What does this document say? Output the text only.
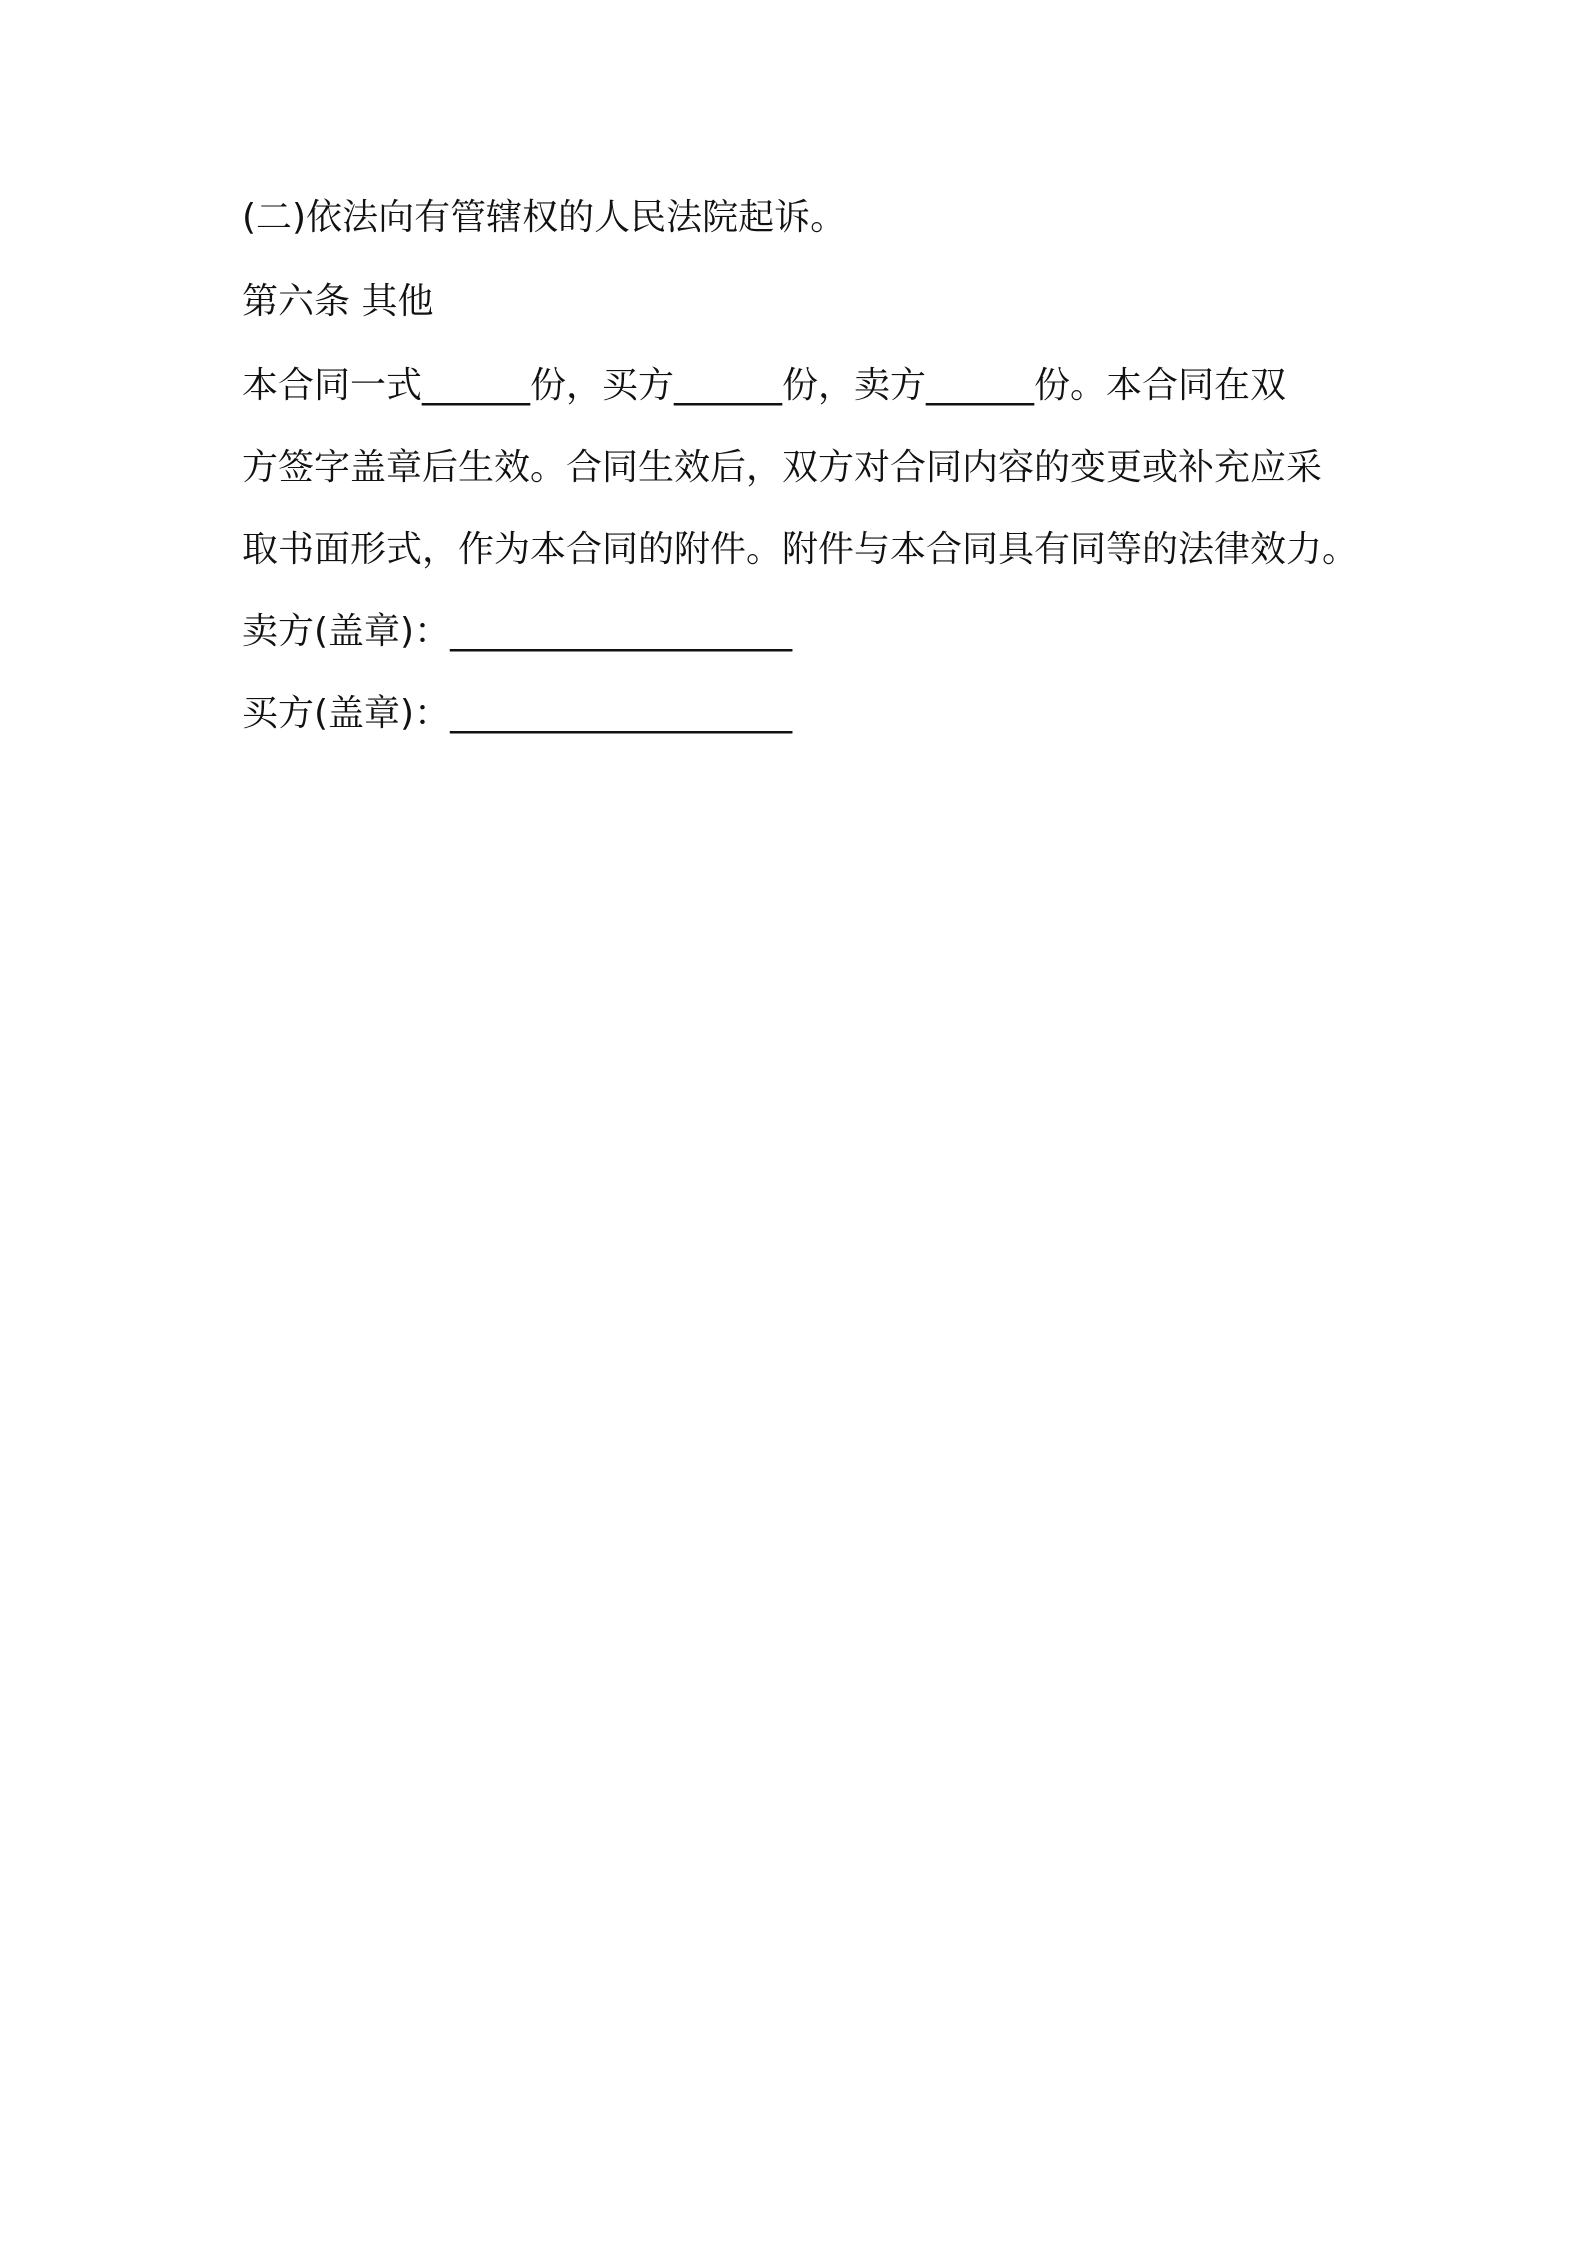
(二)依法向有管辖权的人民法院起诉。
第六条 其他
本合同一式______份，买方______份，卖方______份。本合同在双
方签字盖章后生效。合同生效后，双方对合同内容的变更或补充应采
取书面形式，作为本合同的附件。附件与本合同具有同等的法律效力。
卖方(盖章)：___________________
买方(盖章)：___________________
